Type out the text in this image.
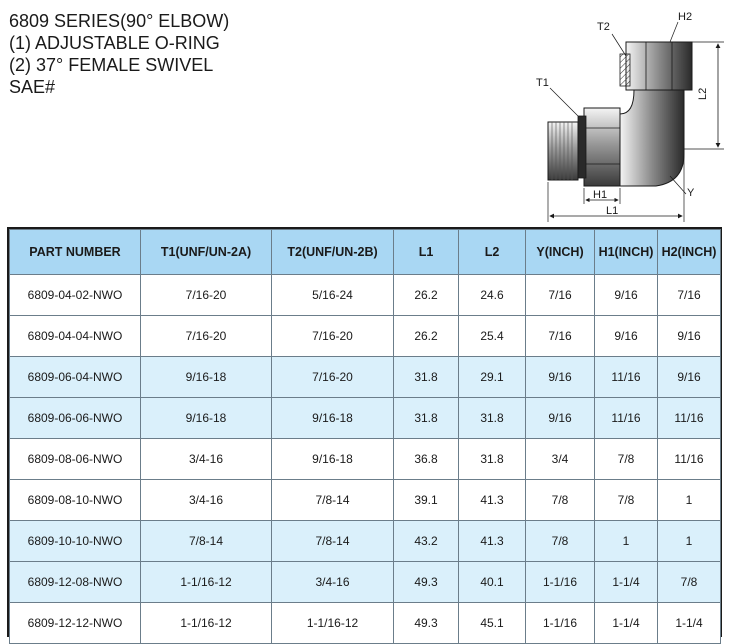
6809 SERIES(90° ELBOW)
(1) ADJUSTABLE O-RING
(2) 37° FEMALE SWIVEL
SAE#	T1
T2
H2
L2
Y
H1
L1
PART NUMBER	T1(UNF/UN-2A)	T2(UNF/UN-2B)	L1	L2	Y(INCH)	H1(INCH)	H2(INCH)
6809-04-02-NWO	7/16-20	5/16-24	26.2	24.6	7/16	9/16	7/16
6809-04-04-NWO	7/16-20	7/16-20	26.2	25.4	7/16	9/16	9/16
6809-06-04-NWO	9/16-18	7/16-20	31.8	29.1	9/16	11/16	9/16
6809-06-06-NWO	9/16-18	9/16-18	31.8	31.8	9/16	11/16	11/16
6809-08-06-NWO	3/4-16	9/16-18	36.8	31.8	3/4	7/8	11/16
6809-08-10-NWO	3/4-16	7/8-14	39.1	41.3	7/8	7/8	1
6809-10-10-NWO	7/8-14	7/8-14	43.2	41.3	7/8	1	1
6809-12-08-NWO	1-1/16-12	3/4-16	49.3	40.1	1-1/16	1-1/4	7/8
6809-12-12-NWO	1-1/16-12	1-1/16-12	49.3	45.1	1-1/16	1-1/4	1-1/4
